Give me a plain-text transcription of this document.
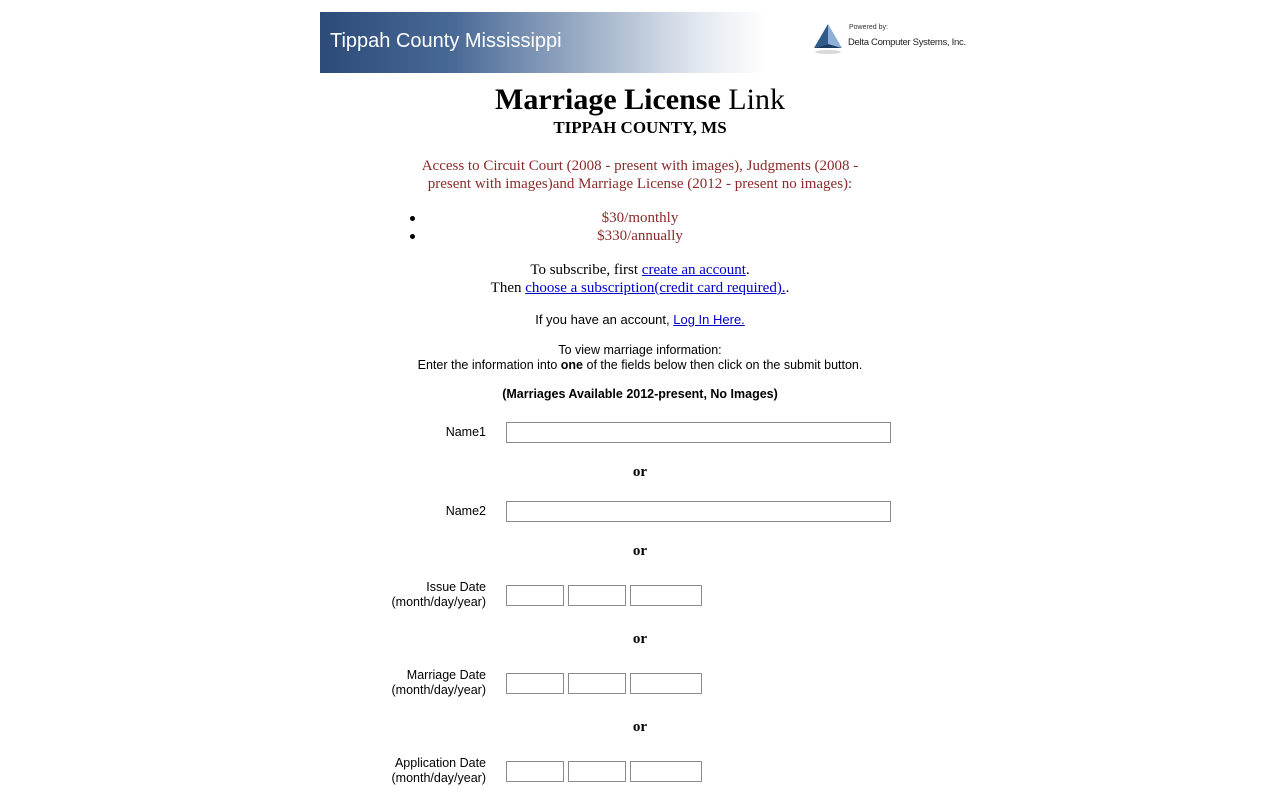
Tippah County Mississippi
Powered by:
Delta Computer Systems, Inc.
Marriage License Link
TIPPAH COUNTY, MS
Access to Circuit Court (2008 - present with images), Judgments (2008 -
present with images)and Marriage License (2012 - present no images):
$30/monthly
$330/annually
To subscribe, first create an account.
Then choose a subscription(credit card required)..
If you have an account, Log In Here.
To view marriage information:
Enter the information into one of the fields below then click on the submit button.
(Marriages Available 2012-present, No Images)
Name1
or
Name2
or
Issue Date
(month/day/year)
or
Marriage Date
(month/day/year)
or
Application Date
(month/day/year)
